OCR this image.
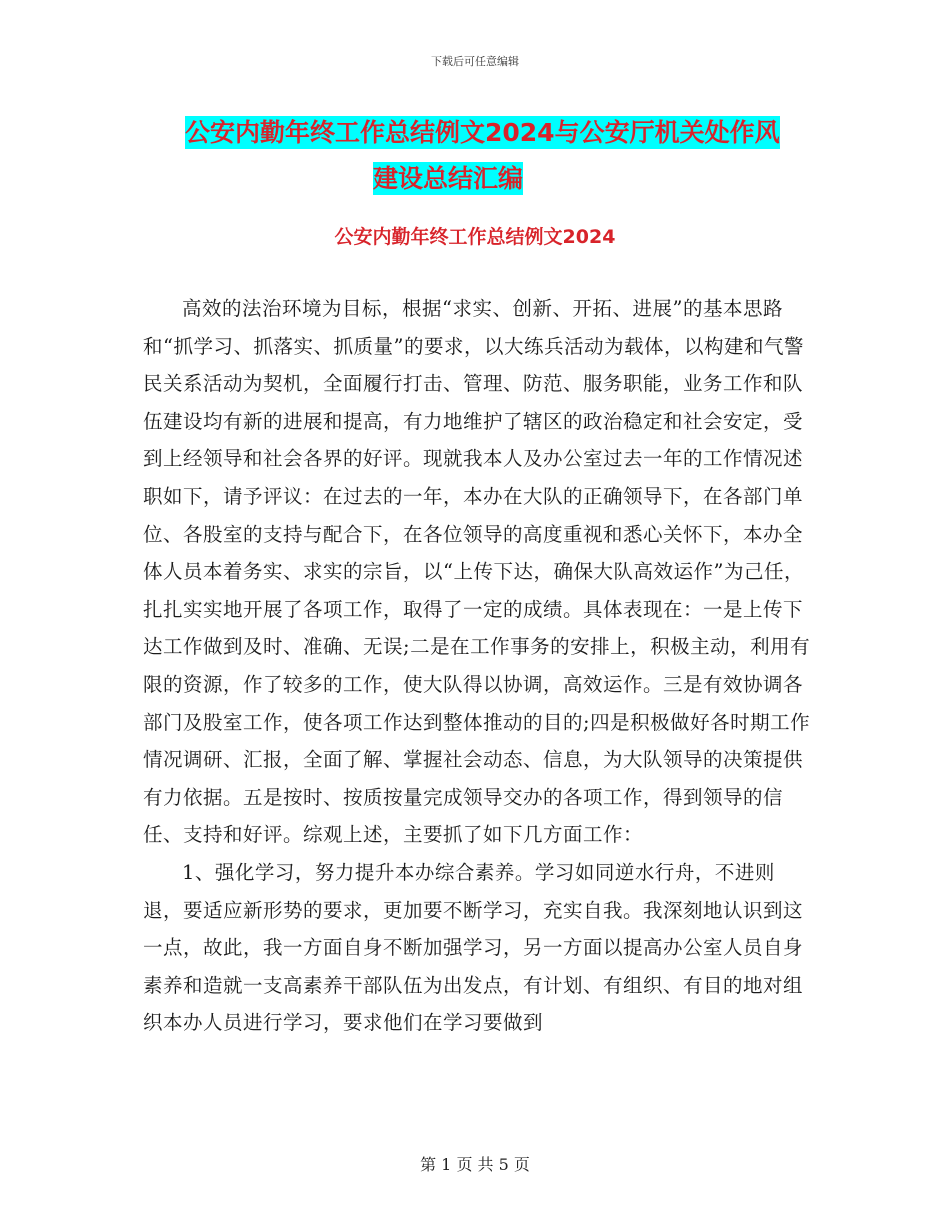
下载后可任意编辑
公安内勤年终工作总结例文2024与公安厅机关处作风
建设总结汇编
公安内勤年终工作总结例文2024

高效的法治环境为目标，根据“求实、创新、开拓、进展”的基本思路和“抓学习、抓落实、抓质量”的要求，以大练兵活动为载体，以构建和气警民关系活动为契机，全面履行打击、管理、防范、服务职能，业务工作和队伍建设均有新的进展和提高，有力地维护了辖区的政治稳定和社会安定，受到上经领导和社会各界的好评。现就我本人及办公室过去一年的工作情况述职如下，请予评议：在过去的一年，本办在大队的正确领导下，在各部门单位、各股室的支持与配合下，在各位领导的高度重视和悉心关怀下，本办全体人员本着务实、求实的宗旨，以“上传下达，确保大队高效运作”为己任，扎扎实实地开展了各项工作，取得了一定的成绩。具体表现在：一是上传下达工作做到及时、准确、无误;二是在工作事务的安排上，积极主动，利用有限的资源，作了较多的工作，使大队得以协调，高效运作。三是有效协调各部门及股室工作，使各项工作达到整体推动的目的;四是积极做好各时期工作情况调研、汇报，全面了解、掌握社会动态、信息，为大队领导的决策提供有力依据。五是按时、按质按量完成领导交办的各项工作，得到领导的信任、支持和好评。综观上述，主要抓了如下几方面工作：

1、强化学习，努力提升本办综合素养。学习如同逆水行舟，不进则退，要适应新形势的要求，更加要不断学习，充实自我。我深刻地认识到这一点，故此，我一方面自身不断加强学习，另一方面以提高办公室人员自身素养和造就一支高素养干部队伍为出发点，有计划、有组织、有目的地对组织本办人员进行学习，要求他们在学习要做到

第 1 页 共 5 页
